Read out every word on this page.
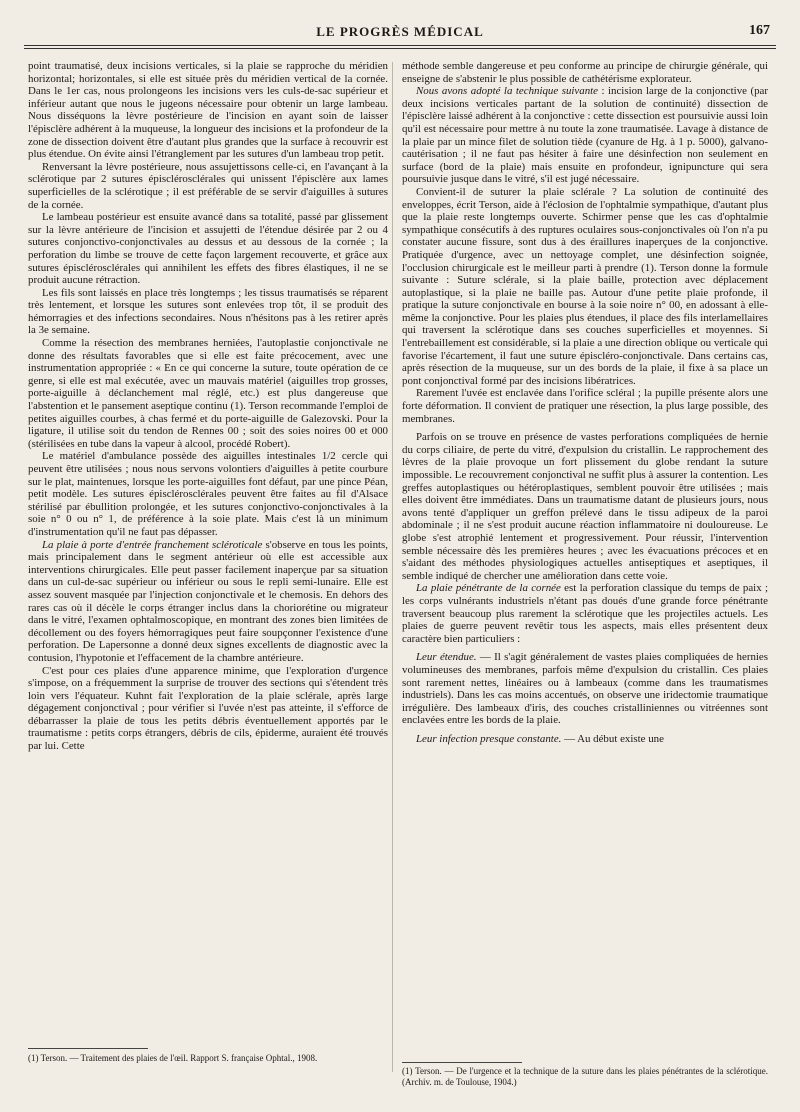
LE PROGRÈS MÉDICAL	167

point traumatisé, deux incisions verticales, si la plaie se rapproche du méridien horizontal; horizontales, si elle est située près du méridien vertical de la cornée. Dans le 1er cas, nous prolongeons les incisions vers les culs-de-sac supérieur et inférieur autant que nous le jugeons nécessaire pour obtenir un large lambeau. Nous disséquons la lèvre postérieure de l'incision en ayant soin de laisser l'épisclère adhérent à la muqueuse, la longueur des incisions et la profondeur de la zone de dissection doivent être d'autant plus grandes que la surface à recouvrir est plus étendue. On évite ainsi l'étranglement par les sutures d'un lambeau trop petit.

Renversant la lèvre postérieure, nous assujettissons celle-ci, en l'avançant à la sclérotique par 2 sutures épisclérosclérales qui unissent l'épisclère aux lames superficielles de la sclérotique ; il est préférable de se servir d'aiguilles à sutures de la cornée.

Le lambeau postérieur est ensuite avancé dans sa totalité, passé par glissement sur la lèvre antérieure de l'incision et assujetti de l'étendue désirée par 2 ou 4 sutures conjonctivo-conjonctivales au dessus et au dessous de la cornée ; la perforation du limbe se trouve de cette façon largement recouverte, et grâce aux sutures épisclérosclérales qui annihilent les effets des fibres élastiques, il ne se produit aucune rétraction.

Les fils sont laissés en place très longtemps ; les tissus traumatisés se réparent très lentement, et lorsque les sutures sont enlevées trop tôt, il se produit des hémorragies et des infections secondaires. Nous n'hésitons pas à les retirer après la 3e semaine.

Comme la résection des membranes herniées, l'autoplastie conjonctivale ne donne des résultats favorables que si elle est faite précocement, avec une instrumentation appropriée : « En ce qui concerne la suture, toute opération de ce genre, si elle est mal exécutée, avec un mauvais matériel (aiguilles trop grosses, porte-aiguille à déclanchement mal réglé, etc.) est plus dangereuse que l'abstention et le pansement aseptique continu (1). Terson recommande l'emploi de petites aiguilles courbes, à chas fermé et du porte-aiguille de Galezovski. Pour la ligature, il utilise soit du tendon de Rennes 00 ; soit des soies noires 00 et 000 (stérilisées en tube dans la vapeur à alcool, procédé Robert).

Le matériel d'ambulance possède des aiguilles intestinales 1/2 cercle qui peuvent être utilisées ; nous nous servons volontiers d'aiguilles à petite courbure sur le plat, maintenues, lorsque les porte-aiguilles font défaut, par une pince Péan, petit modèle. Les sutures épisclérosclérales peuvent être faites au fil d'Alsace stérilisé par ébullition prolongée, et les sutures conjonctivo-conjonctivales à la soie n° 0 ou n° 1, de préférence à la soie plate. Mais c'est là un minimum d'instrumentation qu'il ne faut pas dépasser.

La plaie à porte d'entrée franchement scléroticale s'observe en tous les points, mais principalement dans le segment antérieur où elle est accessible aux interventions chirurgicales. Elle peut passer facilement inaperçue par sa situation dans un cul-de-sac supérieur ou inférieur ou sous le repli semi-lunaire. Elle est assez souvent masquée par l'injection conjonctivale et le chemosis. En dehors des rares cas où il décèle le corps étranger inclus dans la choriorétine ou migrateur dans le vitré, l'examen ophtalmoscopique, en montrant des zones bien limitées de décollement ou des foyers hémorragiques peut faire soupçonner l'existence d'une perforation. De Lapersonne a donné deux signes excellents de diagnostic avec la contusion, l'hypotonie et l'effacement de la chambre antérieure.

C'est pour ces plaies d'une apparence minime, que l'exploration d'urgence s'impose, on a fréquemment la surprise de trouver des sections qui s'étendent très loin vers l'équateur. Kuhnt fait l'exploration de la plaie sclérale, après large dégagement conjonctival ; pour vérifier si l'uvée n'est pas atteinte, il s'efforce de débarrasser la plaie de tous les petits débris éventuellement apportés par le traumatisme : petits corps étrangers, débris de cils, épiderme, auraient été trouvés par lui. Cette

(1) Terson. — Traitement des plaies de l'œil. Rapport S. française Ophtal., 1908.

méthode semble dangereuse et peu conforme au principe de chirurgie générale, qui enseigne de s'abstenir le plus possible de cathétérisme explorateur.

Nous avons adopté la technique suivante : incision large de la conjonctive (par deux incisions verticales partant de la solution de continuité) dissection de l'épisclère laissé adhérent à la conjonctive : cette dissection est poursuivie aussi loin qu'il est nécessaire pour mettre à nu toute la zone traumatisée. Lavage à distance de la plaie par un mince filet de solution tiède (cyanure de Hg. à 1 p. 5000), galvano-cautérisation ; il ne faut pas hésiter à faire une désinfection non seulement en surface (bord de la plaie) mais ensuite en profondeur, ignipuncture qui sera poursuivie jusque dans le vitré, s'il est jugé nécessaire.

Convient-il de suturer la plaie sclérale ? La solution de continuité des enveloppes, écrit Terson, aide à l'éclosion de l'ophtalmie sympathique, d'autant plus que la plaie reste longtemps ouverte. Schirmer pense que les cas d'ophtalmie sympathique consécutifs à des ruptures oculaires sous-conjonctivales où l'on n'a pu constater aucune fissure, sont dus à des éraillures inaperçues de la conjonctive. Pratiquée d'urgence, avec un nettoyage complet, une désinfection soignée, l'occlusion chirurgicale est le meilleur parti à prendre (1). Terson donne la formule suivante : Suture sclérale, si la plaie baille, protection avec déplacement autoplastique, si la plaie ne baille pas. Autour d'une petite plaie profonde, il pratique la suture conjonctivale en bourse à la soie noire n° 00, en adossant à elle-même la conjonctive. Pour les plaies plus étendues, il place des fils interlamellaires qui traversent la sclérotique dans ses couches superficielles et moyennes. Si l'entrebaillement est considérable, si la plaie a une direction oblique ou verticale qui favorise l'écartement, il faut une suture épiscléro-conjonctivale. Dans certains cas, après résection de la muqueuse, sur un des bords de la plaie, il fixe à sa place un pont conjonctival formé par des incisions libératrices.

Rarement l'uvée est enclavée dans l'orifice scléral ; la pupille présente alors une forte déformation. Il convient de pratiquer une résection, la plus large possible, des membranes.

Parfois on se trouve en présence de vastes perforations compliquées de hernie du corps ciliaire, de perte du vitré, d'expulsion du cristallin. Le rapprochement des lèvres de la plaie provoque un fort plissement du globe rendant la suture impossible. Le recouvrement conjonctival ne suffit plus à assurer la contention. Les greffes autoplastiques ou hétéroplastiques, semblent pouvoir être utilisées ; mais elles doivent être immédiates. Dans un traumatisme datant de plusieurs jours, nous avons tenté d'appliquer un greffon prélevé dans le tissu adipeux de la paroi abdominale ; il ne s'est produit aucune réaction inflammatoire ni douloureuse. Le globe s'est atrophié lentement et progressivement. Pour réussir, l'intervention semble nécessaire dès les premières heures ; avec les évacuations précoces et en s'aidant des méthodes physiologiques actuelles antiseptiques et aseptiques, il semble indiqué de chercher une amélioration dans cette voie.

La plaie pénétrante de la cornée est la perforation classique du temps de paix ; les corps vulnérants industriels n'étant pas doués d'une grande force pénétrante traversent beaucoup plus rarement la sclérotique que les projectiles actuels. Les plaies de guerre peuvent revêtir tous les aspects, mais elles présentent deux caractère bien particuliers :

Leur étendue. — Il s'agit généralement de vastes plaies compliquées de hernies volumineuses des membranes, parfois même d'expulsion du cristallin. Ces plaies sont rarement nettes, linéaires ou à lambeaux (comme dans les traumatismes industriels). Dans les cas moins accentués, on observe une iridectomie traumatique irrégulière. Des lambeaux d'iris, des couches cristalliniennes ou vitréennes sont enclavées entre les bords de la plaie.

Leur infection presque constante. — Au début existe une

(1) Terson. — De l'urgence et la technique de la suture dans les plaies pénétrantes de la sclérotique. (Archiv. m. de Toulouse, 1904.)
